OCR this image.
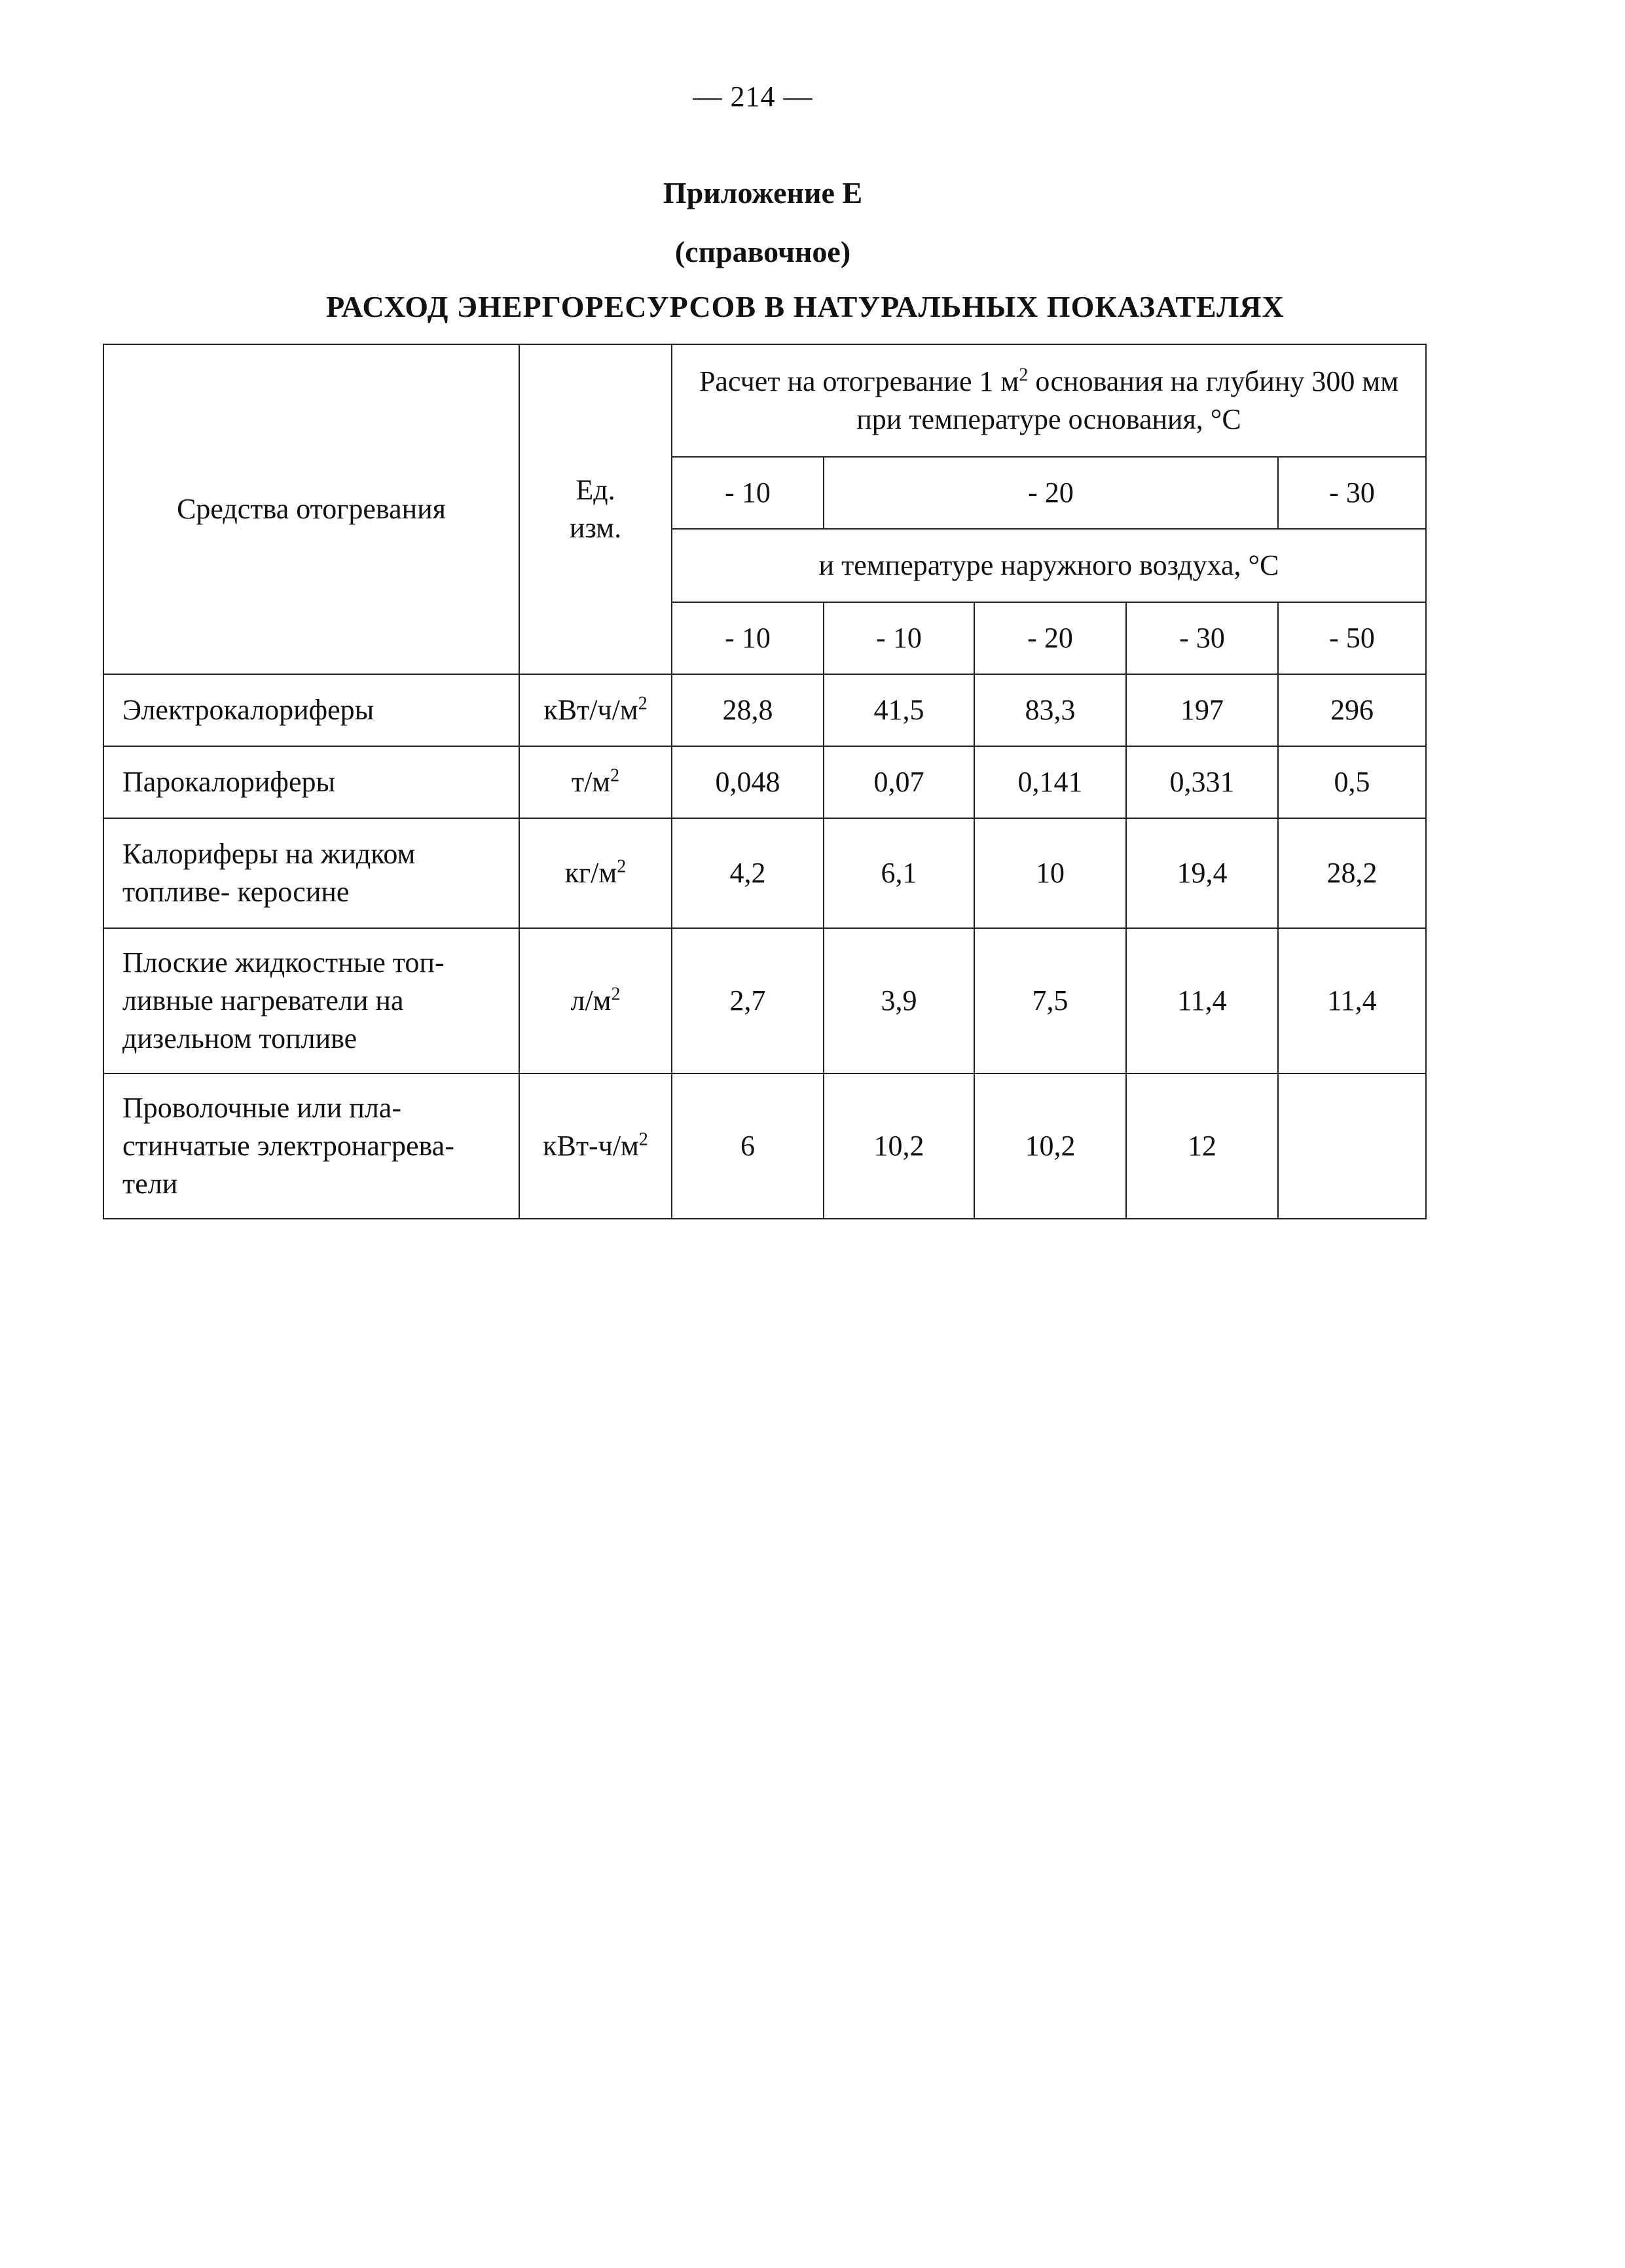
— 214 —
Приложение Е
(справочное)
РАСХОД ЭНЕРГОРЕСУРСОВ В НАТУРАЛЬНЫХ ПОКАЗАТЕЛЯХ
Средства отогревания	Ед. изм.	Расчет на отогревание 1 $м^2$ основания на глубину 300 мм при температуре основания, °С				
		- 10	- 20			- 30
		и температуре наружного воздуха, °С				
		- 10	- 10	- 20	- 30	- 50
Электрокалориферы	кВт/$ч/м^2$	28,8	41,5	83,3	197	296
Парокалориферы	$т/м^2$	0,048	0,07	0,141	0,331	0,5
Калориферы на жидком топливе- керосине	$кг/м^2$	4,2	6,1	10	19,4	28,2
Плоские жидкостные топ-ливные нагреватели на дизельном топливе	$л/м^2$	2,7	3,9	7,5	11,4	11,4
Проволочные или пла-стинчатые электронагрева-тели	кВт-$ч/м^2$	6	10,2	10,2	12	
